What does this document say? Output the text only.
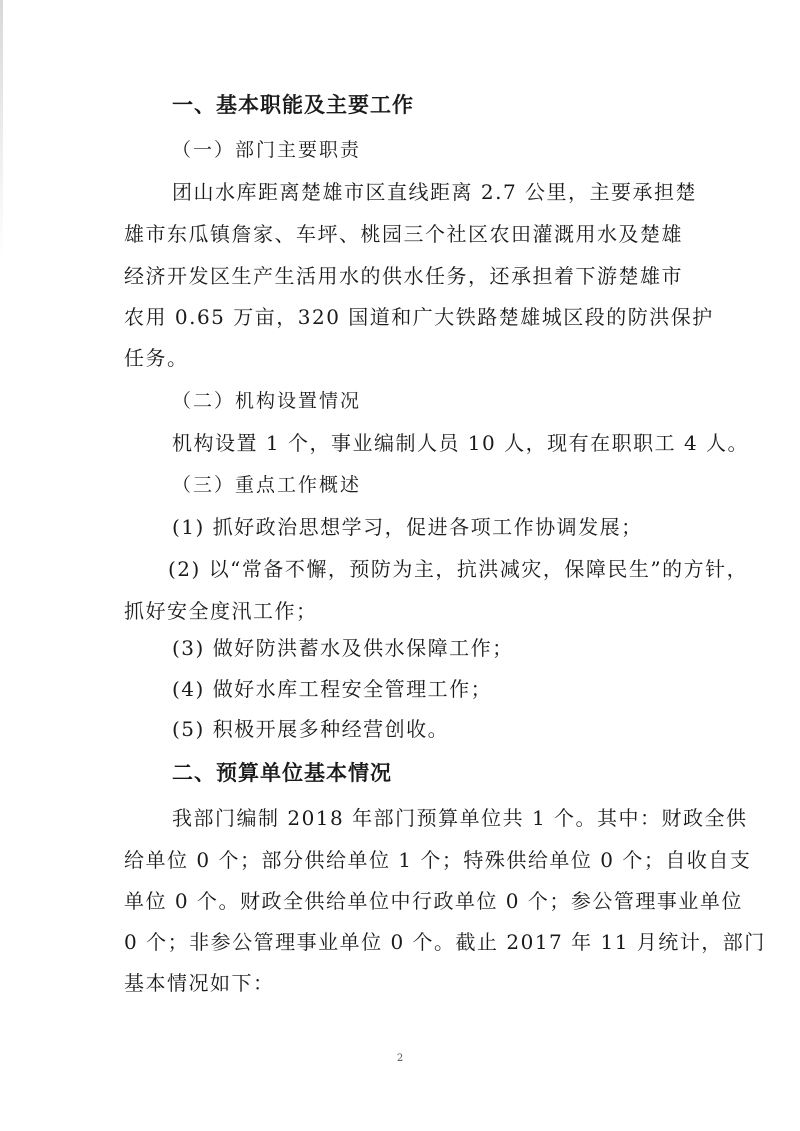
一、基本职能及主要工作
（一）部门主要职责
团山水库距离楚雄市区直线距离 2.7 公里，主要承担楚
雄市东瓜镇詹家、车坪、桃园三个社区农田灌溉用水及楚雄
经济开发区生产生活用水的供水任务，还承担着下游楚雄市
农用 0.65 万亩，320 国道和广大铁路楚雄城区段的防洪保护
任务。
（二）机构设置情况
机构设置 1 个，事业编制人员 10 人，现有在职职工 4 人。
（三）重点工作概述
(1) 抓好政治思想学习，促进各项工作协调发展；
(2) 以“常备不懈，预防为主，抗洪减灾，保障民生”的方针，
抓好安全度汛工作；
(3) 做好防洪蓄水及供水保障工作；
(4) 做好水库工程安全管理工作；
(5) 积极开展多种经营创收。
二、预算单位基本情况
我部门编制 2018 年部门预算单位共 1 个。其中：财政全供
给单位 0 个；部分供给单位 1 个；特殊供给单位 0 个；自收自支
单位 0 个。财政全供给单位中行政单位 0 个；参公管理事业单位
0 个；非参公管理事业单位 0 个。截止 2017 年 11 月统计，部门
基本情况如下：
2
